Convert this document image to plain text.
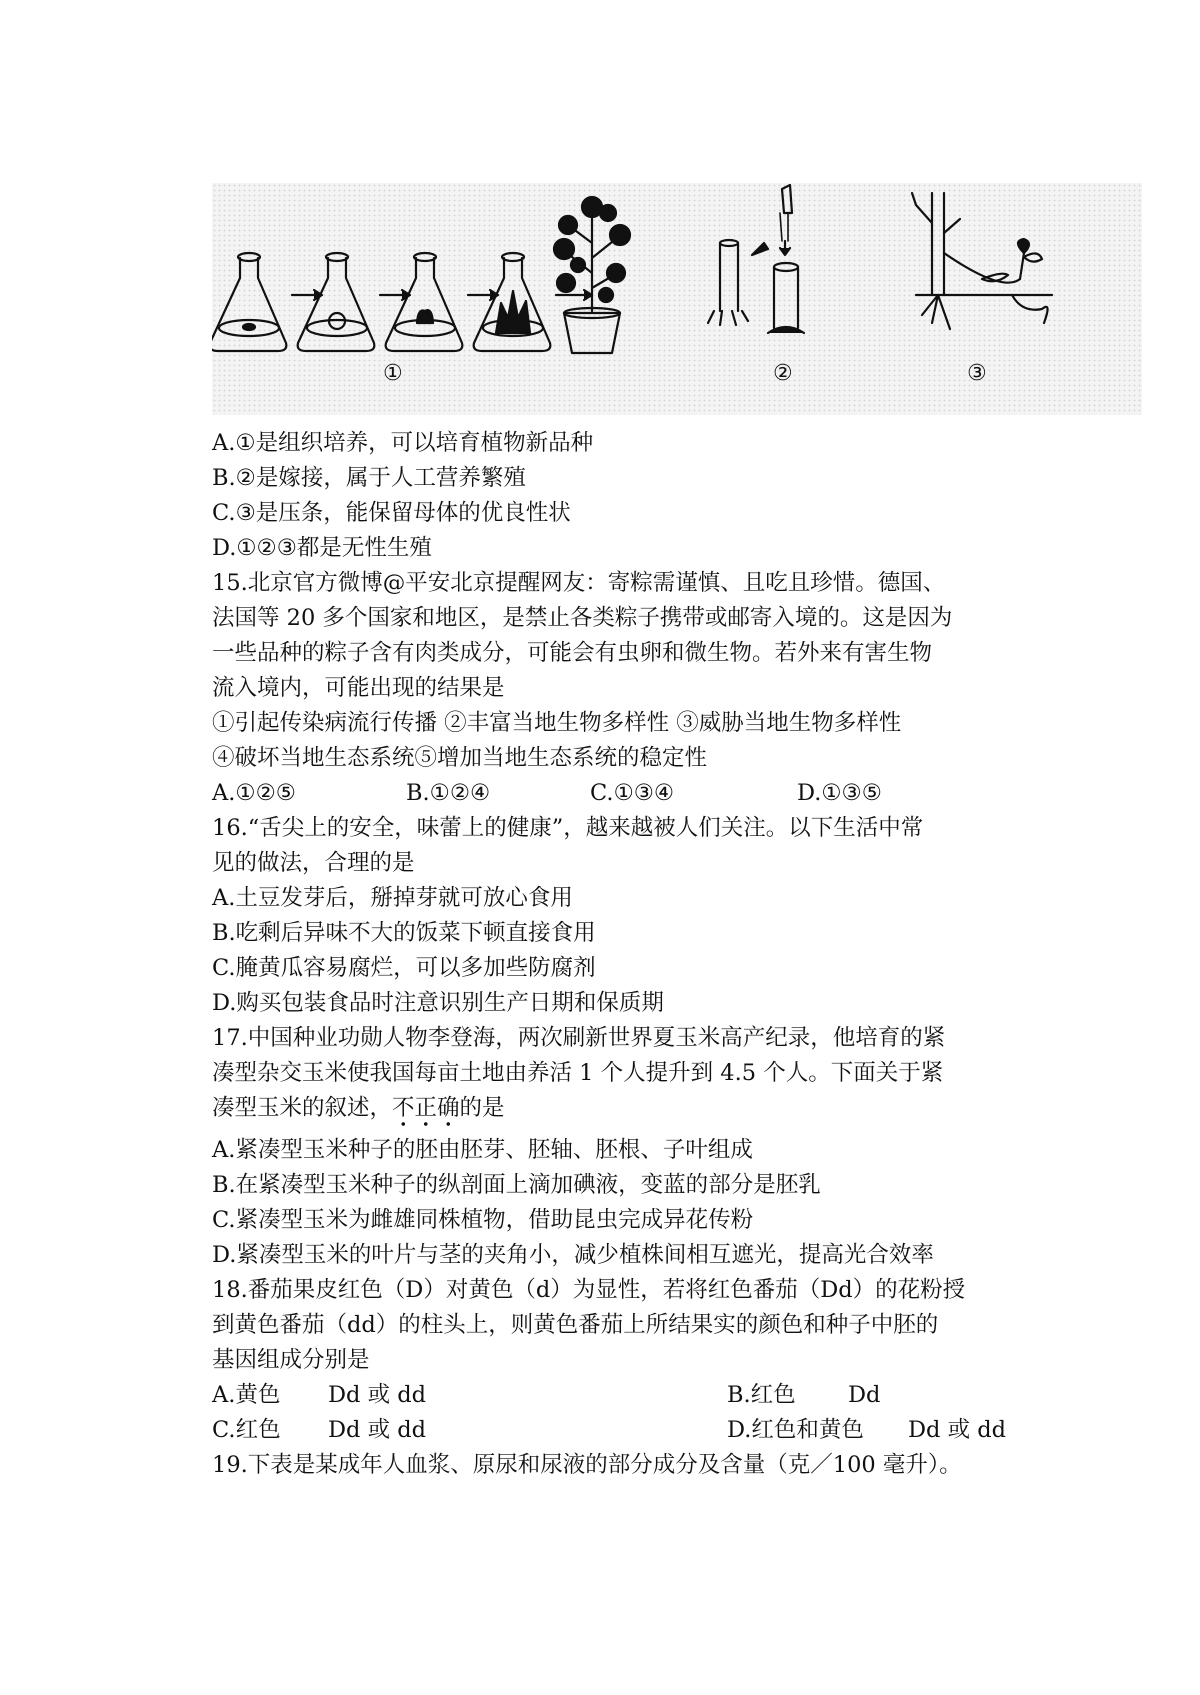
①	②	③
A.①是组织培养，可以培育植物新品种
B.②是嫁接，属于人工营养繁殖
C.③是压条，能保留母体的优良性状
D.①②③都是无性生殖
15.北京官方微博@平安北京提醒网友：寄粽需谨慎、且吃且珍惜。德国、
法国等 20 多个国家和地区，是禁止各类粽子携带或邮寄入境的。这是因为
一些品种的粽子含有肉类成分，可能会有虫卵和微生物。若外来有害生物
流入境内，可能出现的结果是
①引起传染病流行传播 ②丰富当地生物多样性 ③威胁当地生物多样性
④破坏当地生态系统⑤增加当地生态系统的稳定性
A.①②⑤	B.①②④	C.①③④	D.①③⑤
16.“舌尖上的安全，味蕾上的健康”，越来越被人们关注。以下生活中常
见的做法，合理的是
A.土豆发芽后，掰掉芽就可放心食用
B.吃剩后异味不大的饭菜下顿直接食用
C.腌黄瓜容易腐烂，可以多加些防腐剂
D.购买包装食品时注意识别生产日期和保质期
17.中国种业功勋人物李登海，两次刷新世界夏玉米高产纪录，他培育的紧
凑型杂交玉米使我国每亩土地由养活 1 个人提升到 4.5 个人。下面关于紧
凑型玉米的叙述，不正确的是
A.紧凑型玉米种子的胚由胚芽、胚轴、胚根、子叶组成
B.在紧凑型玉米种子的纵剖面上滴加碘液，变蓝的部分是胚乳
C.紧凑型玉米为雌雄同株植物，借助昆虫完成异花传粉
D.紧凑型玉米的叶片与茎的夹角小，减少植株间相互遮光，提高光合效率
18.番茄果皮红色（D）对黄色（d）为显性，若将红色番茄（Dd）的花粉授
到黄色番茄（dd）的柱头上，则黄色番茄上所结果实的颜色和种子中胚的
基因组成分别是
A.黄色 Dd 或 dd	B.红色 Dd
C.红色 Dd 或 dd	D.红色和黄色 Dd 或 dd
19.下表是某成年人血浆、原尿和尿液的部分成分及含量（克／100 毫升）。
